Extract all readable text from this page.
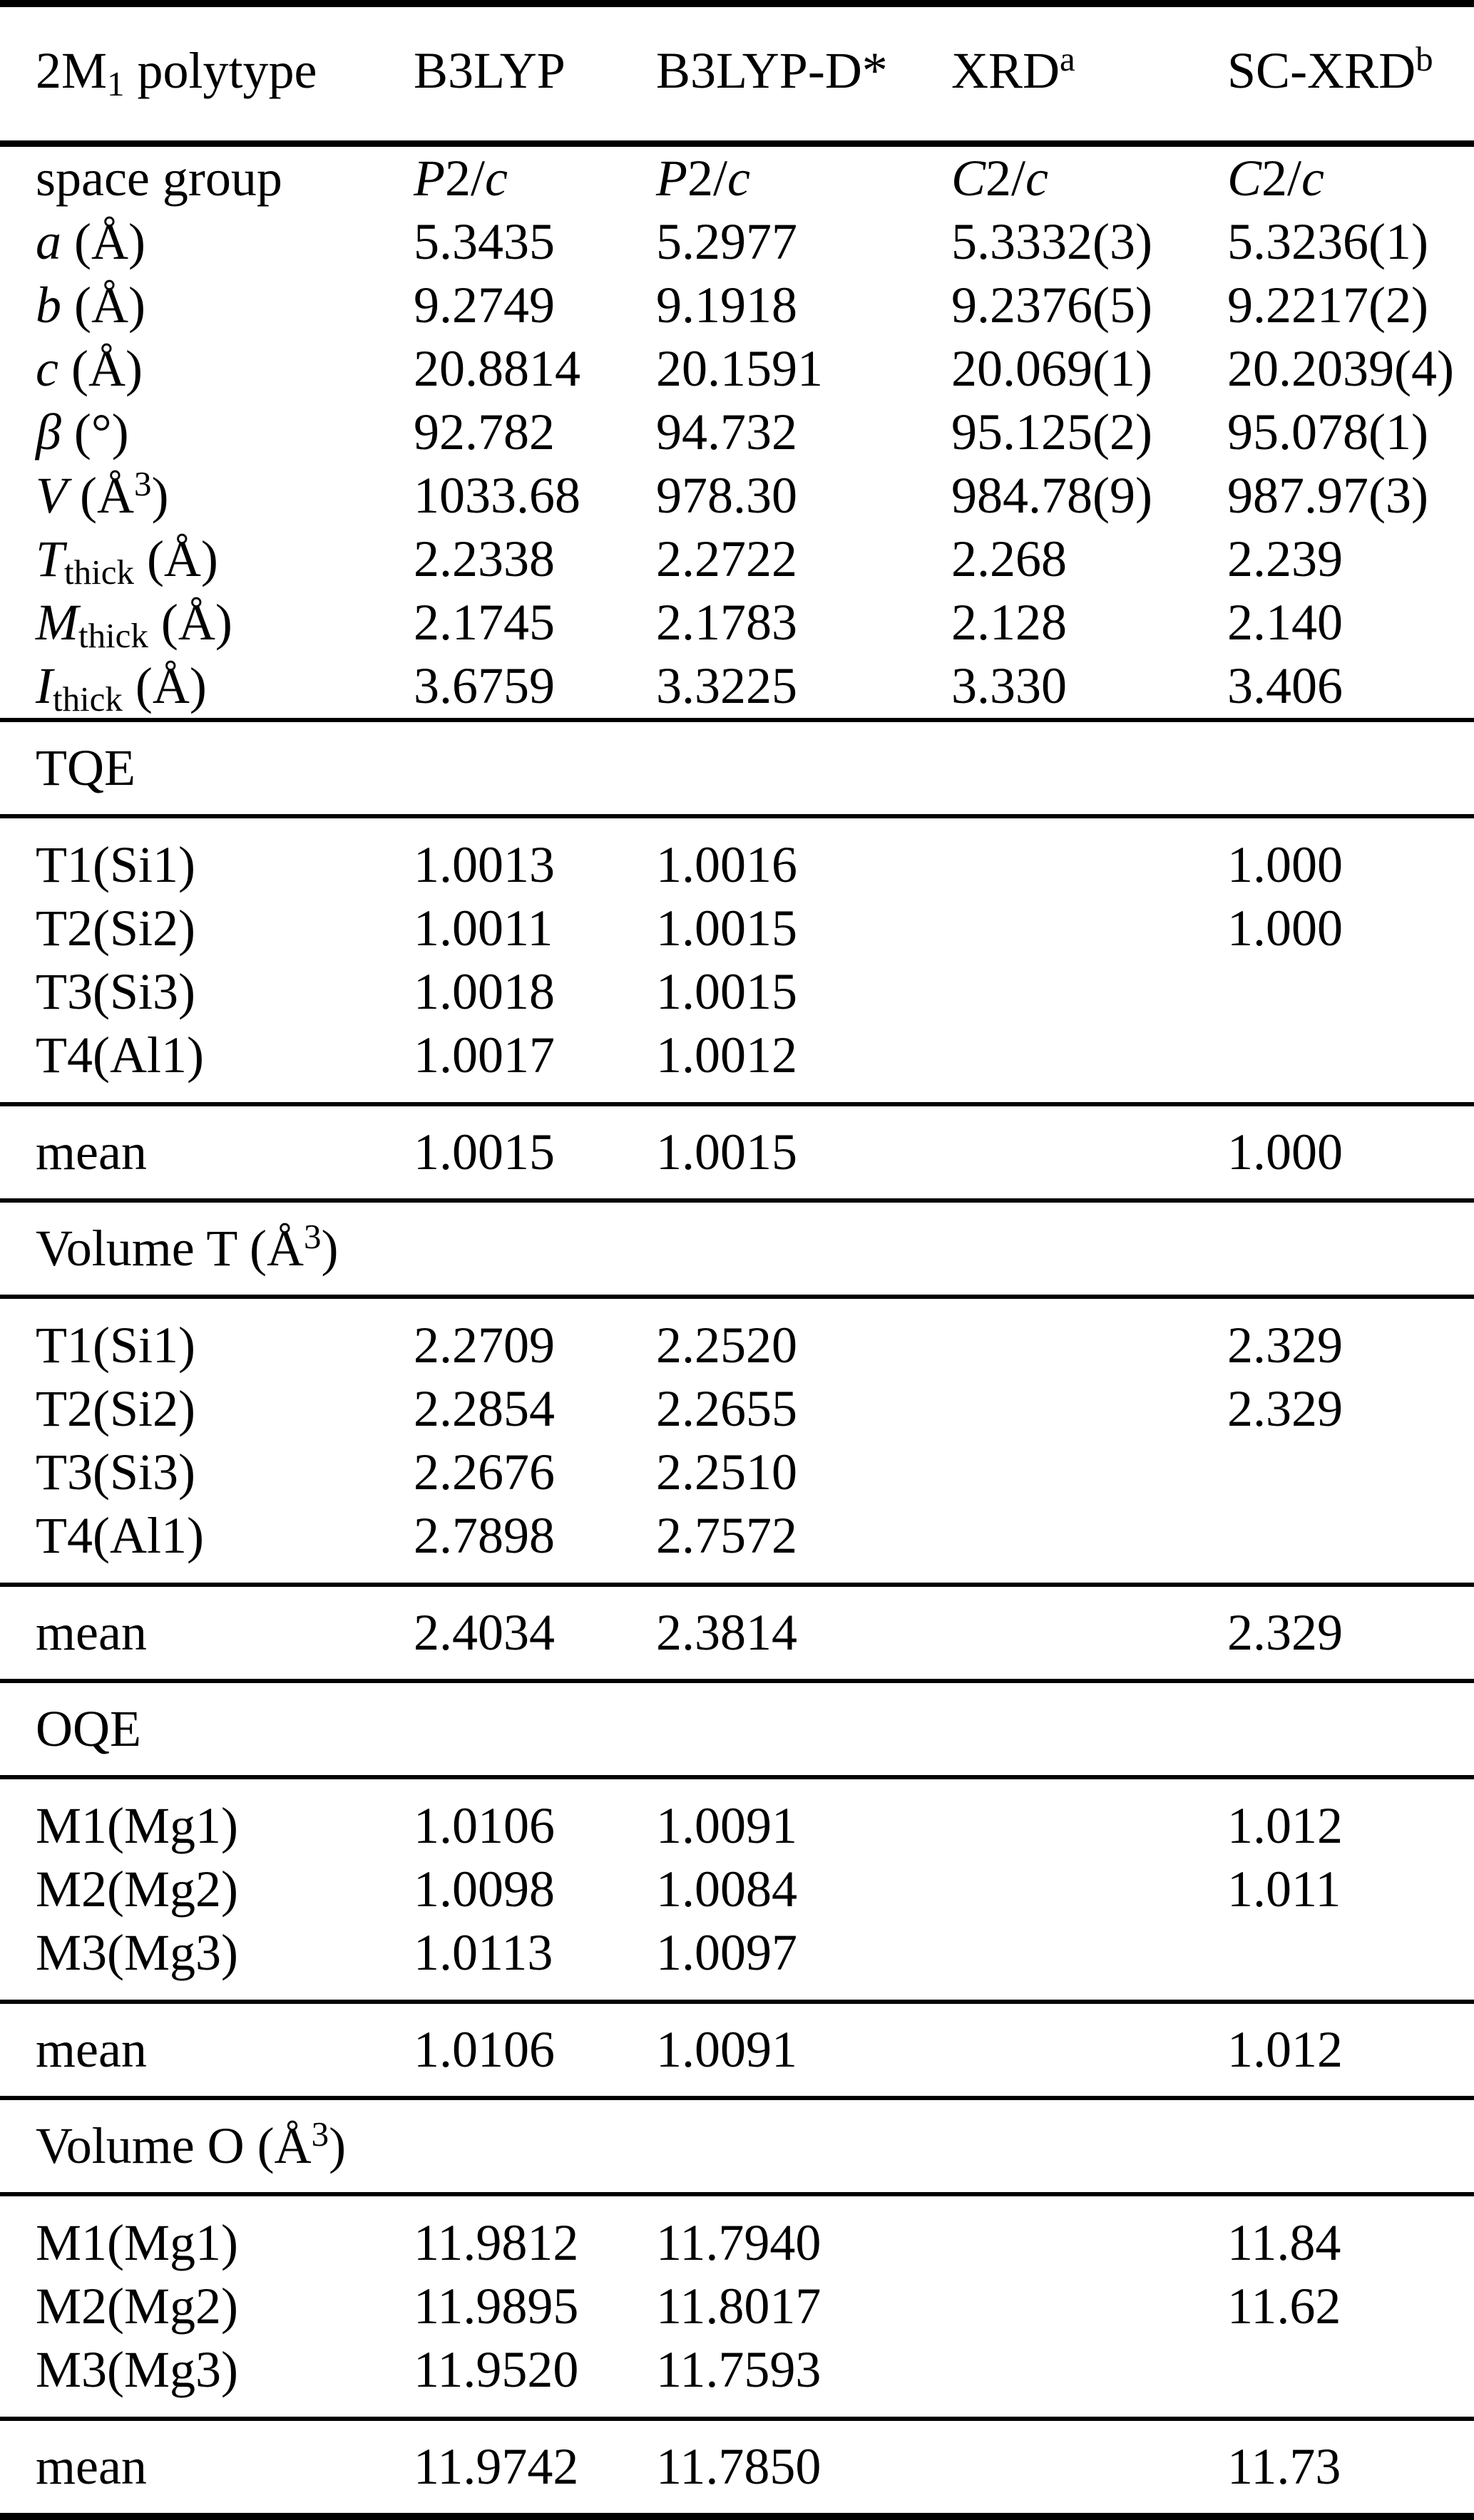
$2M_1$ polytype	B3LYP	B3LYP-D*	XRD$^a$	SC-XRD$^b$
space group	P2/c	P2/c	C2/c	C2/c
a (Å)	5.3435	5.2977	5.3332(3)	5.3236(1)
b (Å)	9.2749	9.1918	9.2376(5)	9.2217(2)
c (Å)	20.8814	20.1591	20.069(1)	20.2039(4)
β (°)	92.782	94.732	95.125(2)	95.078(1)
V $(Å^3)$	1033.68	978.30	984.78(9)	987.97(3)
$T_{thick}$ (Å)	2.2338	2.2722	2.268	2.239
$M_{thick}$ (Å)	2.1745	2.1783	2.128	2.140
$I_{thick}$ (Å)	3.6759	3.3225	3.330	3.406
TQE				
T1(Si1)	1.0013	1.0016		1.000
T2(Si2)	1.0011	1.0015		1.000
T3(Si3)	1.0018	1.0015		
T4(Al1)	1.0017	1.0012		
mean	1.0015	1.0015		1.000
Volume T $(Å^3)$				
T1(Si1)	2.2709	2.2520		2.329
T2(Si2)	2.2854	2.2655		2.329
T3(Si3)	2.2676	2.2510		
T4(Al1)	2.7898	2.7572		
mean	2.4034	2.3814		2.329
OQE				
M1(Mg1)	1.0106	1.0091		1.012
M2(Mg2)	1.0098	1.0084		1.011
M3(Mg3)	1.0113	1.0097		
mean	1.0106	1.0091		1.012
Volume O $(Å^3)$				
M1(Mg1)	11.9812	11.7940		11.84
M2(Mg2)	11.9895	11.8017		11.62
M3(Mg3)	11.9520	11.7593		
mean	11.9742	11.7850		11.73
